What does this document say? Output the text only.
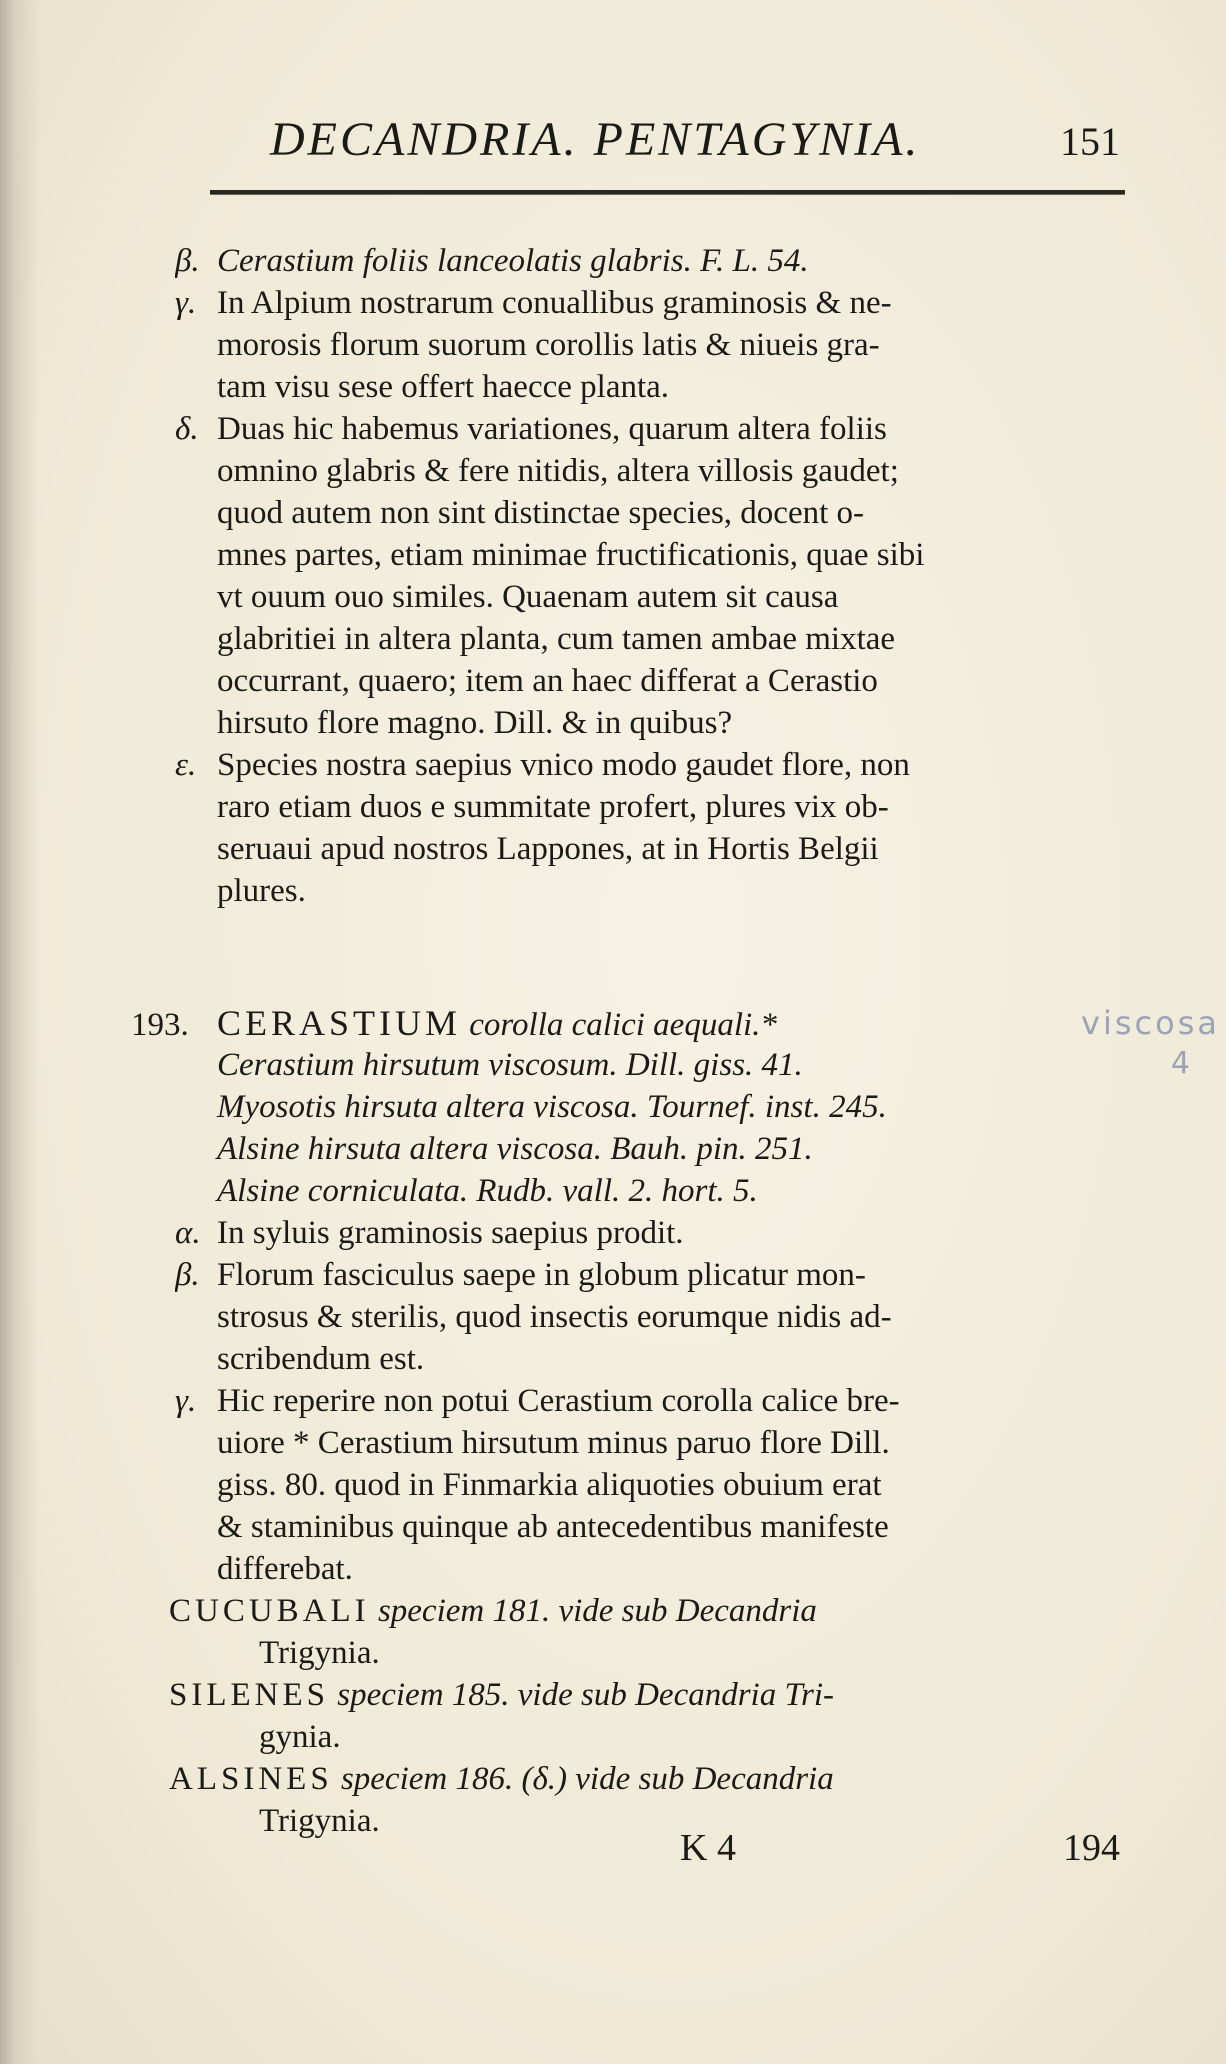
DECANDRIA. PENTAGYNIA.	151
β. Cerastium foliis lanceolatis glabris. F. L. 54.
γ. In Alpium nostrarum conuallibus graminosis & ne-
morosis florum suorum corollis latis & niueis gra-
tam visu sese offert haecce planta.
δ. Duas hic habemus variationes, quarum altera foliis
omnino glabris & fere nitidis, altera villosis gaudet;
quod autem non sint distinctae species, docent o-
mnes partes, etiam minimae fructificationis, quae sibi
vt ouum ouo similes. Quaenam autem sit causa
glabritiei in altera planta, cum tamen ambae mixtae
occurrant, quaero; item an haec differat a Cerastio
hirsuto flore magno. Dill. & in quibus?
ε. Species nostra saepius vnico modo gaudet flore, non
raro etiam duos e summitate profert, plures vix ob-
seruaui apud nostros Lappones, at in Hortis Belgii
plures.
193. CERASTIUM corolla calici aequali.*
Cerastium hirsutum viscosum. Dill. giss. 41.
Myosotis hirsuta altera viscosa. Tournef. inst. 245.
Alsine hirsuta altera viscosa. Bauh. pin. 251.
Alsine corniculata. Rudb. vall. 2. hort. 5.
α. In syluis graminosis saepius prodit.
β. Florum fasciculus saepe in globum plicatur mon-
strosus & sterilis, quod insectis eorumque nidis ad-
scribendum est.
γ. Hic reperire non potui Cerastium corolla calice bre-
uiore * Cerastium hirsutum minus paruo flore Dill.
giss. 80. quod in Finmarkia aliquoties obuium erat
& staminibus quinque ab antecedentibus manifeste
differebat.
CUCUBALI speciem 181. vide sub Decandria
Trigynia.
SILENES speciem 185. vide sub Decandria Tri-
gynia.
ALSINES speciem 186. (δ.) vide sub Decandria
Trigynia.
viscosa
4
K 4	194
